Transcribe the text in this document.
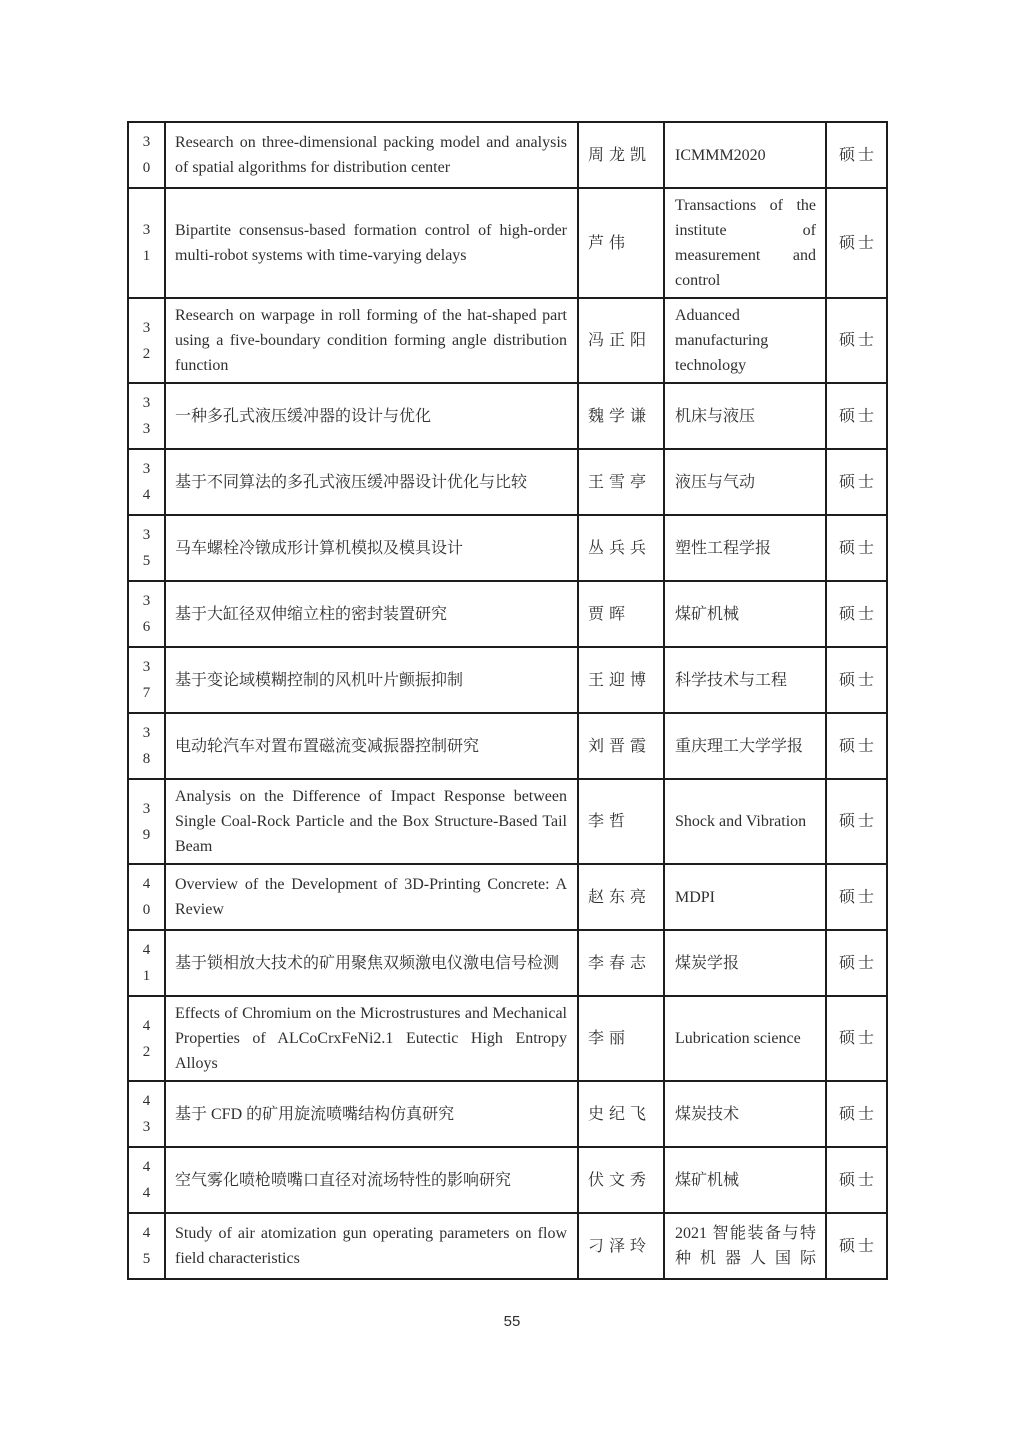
30	Research on three-dimensional packing model and analysis of spatial algorithms for distribution center	周龙凯	ICMMM2020	硕士

31	Bipartite consensus-based formation control of high-order multi-robot systems with time-varying delays	芦伟	Transactions of the institute of measurement and control	硕士

32	Research on warpage in roll forming of the hat-shaped part using a five-boundary condition forming angle distribution function	冯正阳	Aduanced manufacturing technology	硕士

33	一种多孔式液压缓冲器的设计与优化	魏学谦	机床与液压	硕士

34	基于不同算法的多孔式液压缓冲器设计优化与比较	王雪亭	液压与气动	硕士

35	马车螺栓冷镦成形计算机模拟及模具设计	丛兵兵	塑性工程学报	硕士

36	基于大缸径双伸缩立柱的密封装置研究	贾晖	煤矿机械	硕士

37	基于变论域模糊控制的风机叶片颤振抑制	王迎博	科学技术与工程	硕士

38	电动轮汽车对置布置磁流变减振器控制研究	刘晋霞	重庆理工大学学报	硕士

39	Analysis on the Difference of Impact Response between Single Coal-Rock Particle and the Box Structure-Based Tail Beam	李哲	Shock and Vibration	硕士

40	Overview of the Development of 3D-Printing Concrete: A Review	赵东亮	MDPI	硕士

41	基于锁相放大技术的矿用聚焦双频激电仪激电信号检测	李春志	煤炭学报	硕士

42	Effects of Chromium on the Microstrustures and Mechanical Properties of ALCoCrxFeNi2.1 Eutectic High Entropy Alloys	李丽	Lubrication science	硕士

43	基于 CFD 的矿用旋流喷嘴结构仿真研究	史纪飞	煤炭技术	硕士

44	空气雾化喷枪喷嘴口直径对流场特性的影响研究	伏文秀	煤矿机械	硕士

45	Study of air atomization gun operating parameters on flow field characteristics	刁泽玲	2021 智能装备与特种机器人国际	硕士
55
